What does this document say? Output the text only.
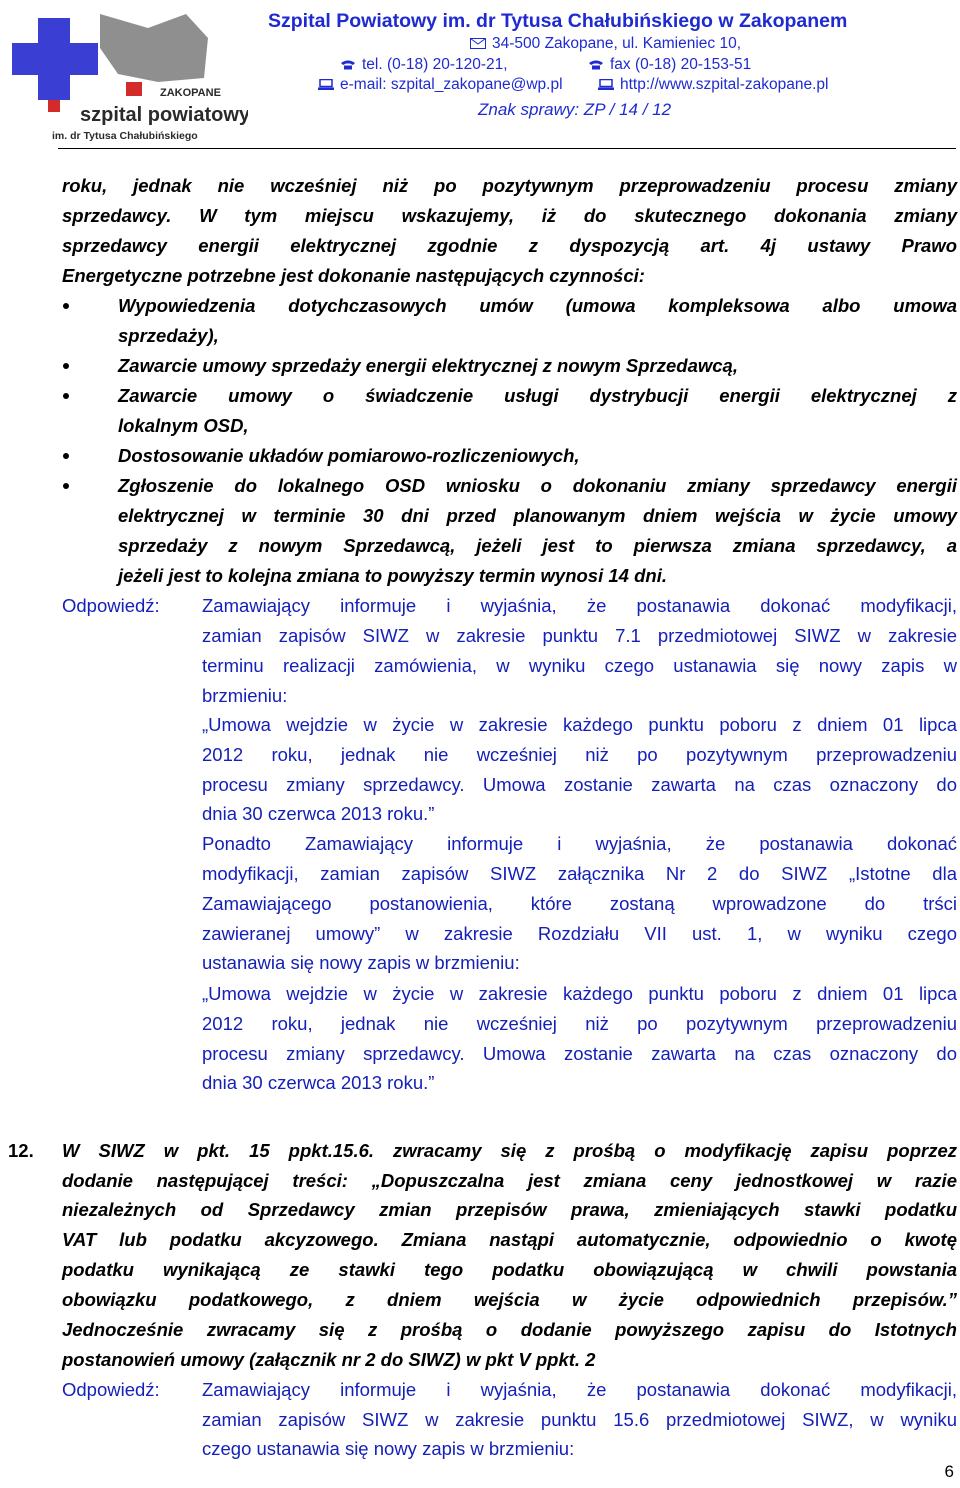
ZAKOPANE
szpital powiatowy
im. dr Tytusa Chałubińskiego
Szpital Powiatowy im. dr Tytusa Chałubińskiego w Zakopanem
34-500 Zakopane, ul. Kamieniec 10,
tel. (0-18) 20-120-21,	fax (0-18) 20-153-51
e-mail: szpital_zakopane@wp.pl	http://www.szpital-zakopane.pl
Znak sprawy: ZP / 14 / 12
roku, jednak nie wcześniej niż po pozytywnym przeprowadzeniu procesu zmiany
sprzedawcy. W tym miejscu wskazujemy, iż do skutecznego dokonania zmiany
sprzedawcy energii elektrycznej zgodnie z dyspozycją art. 4j ustawy Prawo
Energetyczne potrzebne jest dokonanie następujących czynności:
Wypowiedzenia dotychczasowych umów (umowa kompleksowa albo umowa
sprzedaży),
Zawarcie umowy sprzedaży energii elektrycznej z nowym Sprzedawcą,
Zawarcie umowy o świadczenie usługi dystrybucji energii elektrycznej z
lokalnym OSD,
Dostosowanie układów pomiarowo-rozliczeniowych,
Zgłoszenie do lokalnego OSD wniosku o dokonaniu zmiany sprzedawcy energii
elektrycznej w terminie 30 dni przed planowanym dniem wejścia w życie umowy
sprzedaży z nowym Sprzedawcą, jeżeli jest to pierwsza zmiana sprzedawcy, a
jeżeli jest to kolejna zmiana to powyższy termin wynosi 14 dni.
Odpowiedź: Zamawiający informuje i wyjaśnia, że postanawia dokonać modyfikacji,
zamian zapisów SIWZ w zakresie punktu 7.1 przedmiotowej SIWZ w zakresie
terminu realizacji zamówienia, w wyniku czego ustanawia się nowy zapis w
brzmieniu:
„Umowa wejdzie w życie w zakresie każdego punktu poboru z dniem 01 lipca
2012 roku, jednak nie wcześniej niż po pozytywnym przeprowadzeniu
procesu zmiany sprzedawcy. Umowa zostanie zawarta na czas oznaczony do
dnia 30 czerwca 2013 roku.”
Ponadto Zamawiający informuje i wyjaśnia, że postanawia dokonać
modyfikacji, zamian zapisów SIWZ załącznika Nr 2 do SIWZ „Istotne dla
Zamawiającego postanowienia, które zostaną wprowadzone do trści
zawieranej umowy” w zakresie Rozdziału VII ust. 1, w wyniku czego
ustanawia się nowy zapis w brzmieniu:
„Umowa wejdzie w życie w zakresie każdego punktu poboru z dniem 01 lipca
2012 roku, jednak nie wcześniej niż po pozytywnym przeprowadzeniu
procesu zmiany sprzedawcy. Umowa zostanie zawarta na czas oznaczony do
dnia 30 czerwca 2013 roku.”
12. W SIWZ w pkt. 15 ppkt.15.6. zwracamy się z prośbą o modyfikację zapisu poprzez
dodanie następującej treści: „Dopuszczalna jest zmiana ceny jednostkowej w razie
niezależnych od Sprzedawcy zmian przepisów prawa, zmieniających stawki podatku
VAT lub podatku akcyzowego. Zmiana nastąpi automatycznie, odpowiednio o kwotę
podatku wynikającą ze stawki tego podatku obowiązującą w chwili powstania
obowiązku podatkowego, z dniem wejścia w życie odpowiednich przepisów.”
Jednocześnie zwracamy się z prośbą o dodanie powyższego zapisu do Istotnych
postanowień umowy (załącznik nr 2 do SIWZ) w pkt V ppkt. 2
Odpowiedź: Zamawiający informuje i wyjaśnia, że postanawia dokonać modyfikacji,
zamian zapisów SIWZ w zakresie punktu 15.6 przedmiotowej SIWZ, w wyniku
czego ustanawia się nowy zapis w brzmieniu:
6
